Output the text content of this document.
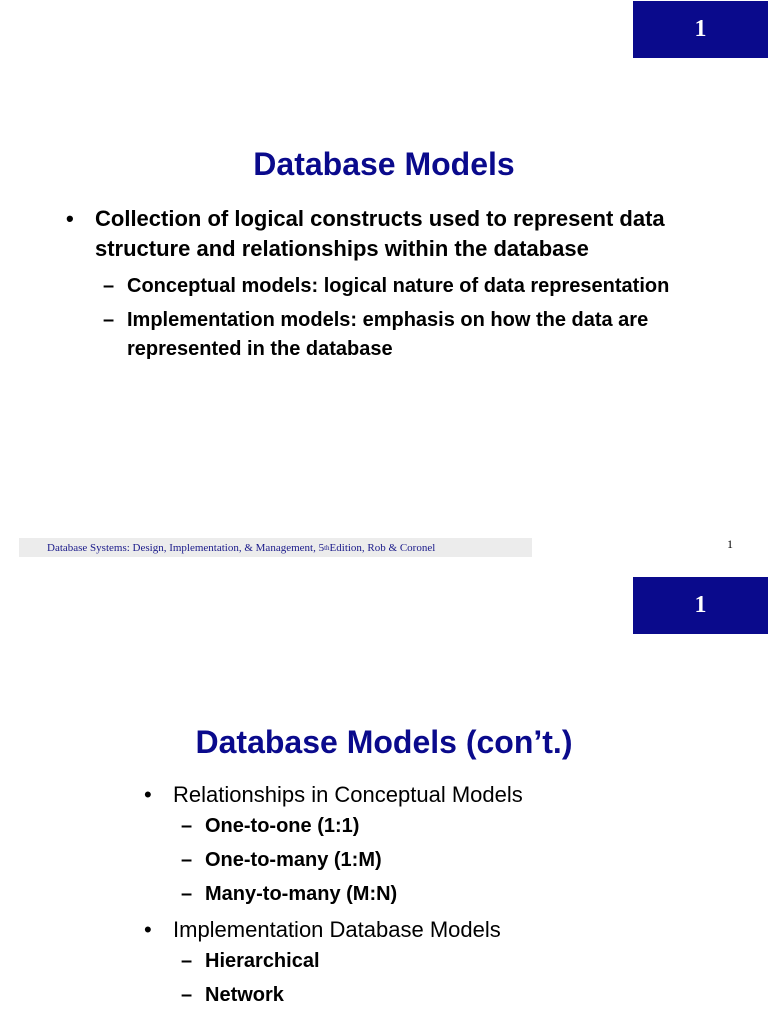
1
Database Models
• Collection of logical constructs used to represent data structure and relationships within the database
– Conceptual models: logical nature of data representation
– Implementation models: emphasis on how the data are represented in the database
Database Systems: Design, Implementation, & Management, 5 th Edition, Rob & Coronel	1
1
Database Models (con’t.)
• Relationships in Conceptual Models
– One-to-one (1:1)
– One-to-many (1:M)
– Many-to-many (M:N)
• Implementation Database Models
– Hierarchical
– Network
